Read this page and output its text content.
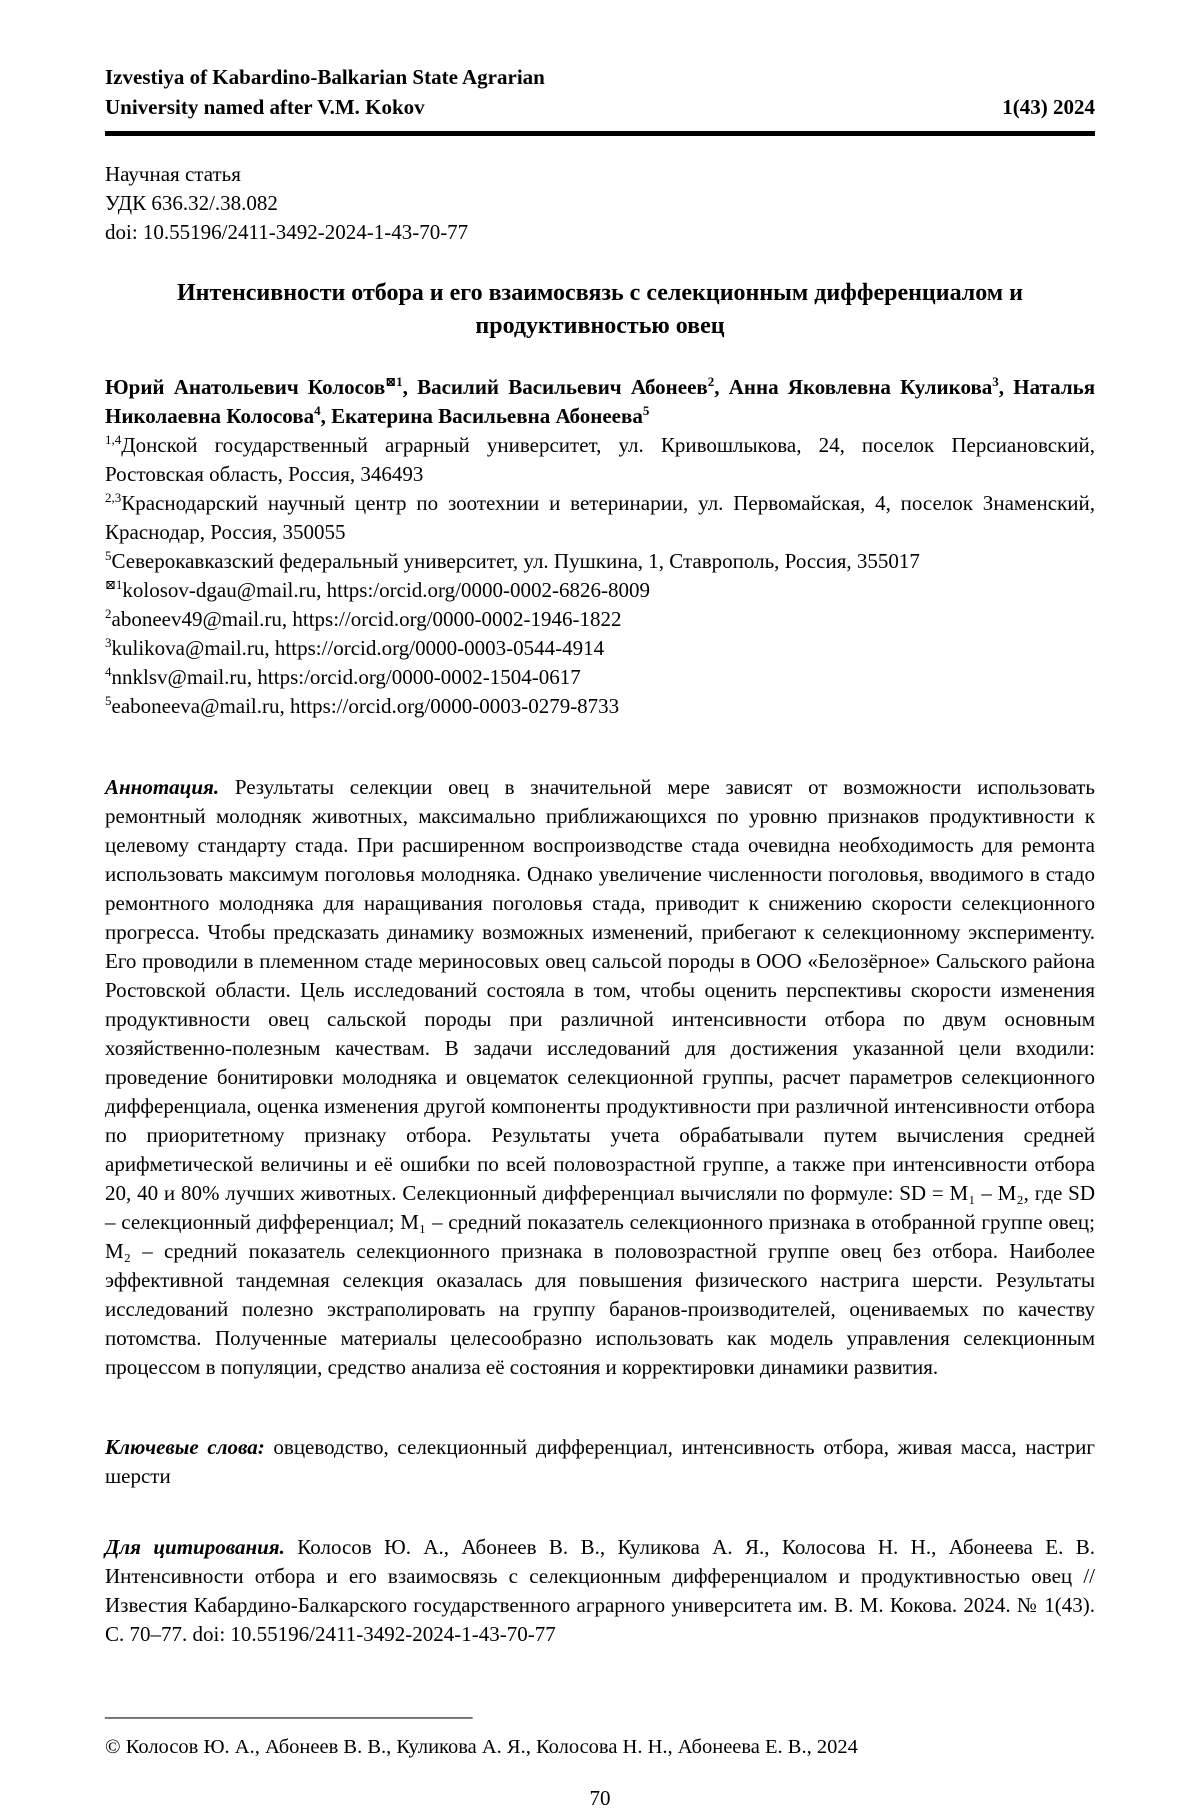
Izvestiya of Kabardino-Balkarian State Agrarian
University named after V.M. Kokov	1(43) 2024

Научная статья

УДК 636.32/.38.082

doi: 10.55196/2411-3492-2024-1-43-70-77

Интенсивности отбора и его взаимосвязь с селекционным дифференциалом и продуктивностью овец

Юрий Анатольевич Колосов$^{⊠1}$, Василий Васильевич Абонеев$^2$, Анна Яковлевна Куликова$^3$, Наталья Николаевна Колосова$^4$, Екатерина Васильевна Абонеева$^5$

$^{1,4}$Донской государственный аграрный университет, ул. Кривошлыкова, 24, поселок Персиановский, Ростовская область, Россия, 346493

$^{2,3}$Краснодарский научный центр по зоотехнии и ветеринарии, ул. Первомайская, 4, поселок Знаменский, Краснодар, Россия, 350055

$^5$Северокавказский федеральный университет, ул. Пушкина, 1, Ставрополь, Россия, 355017

$^{⊠1}$kolosov-dgau@mail.ru, https:/orcid.org/0000-0002-6826-8009

$^2$aboneev49@mail.ru, https://orcid.org/0000-0002-1946-1822

$^3$kulikova@mail.ru, https://orcid.org/0000-0003-0544-4914

$^4$nnklsv@mail.ru, https:/orcid.org/0000-0002-1504-0617

$^5$eaboneeva@mail.ru, https://orcid.org/0000-0003-0279-8733

Аннотация. Результаты селекции овец в значительной мере зависят от возможности использовать ремонтный молодняк животных, максимально приближающихся по уровню признаков продуктивности к целевому стандарту стада. При расширенном воспроизводстве стада очевидна необходимость для ремонта использовать максимум поголовья молодняка. Однако увеличение численности поголовья, вводимого в стадо ремонтного молодняка для наращивания поголовья стада, приводит к снижению скорости селекционного прогресса. Чтобы предсказать динамику возможных изменений, прибегают к селекционному эксперименту. Его проводили в племенном стаде мериносовых овец сальсой породы в ООО «Белозёрное» Сальского района Ростовской области. Цель исследований состояла в том, чтобы оценить перспективы скорости изменения продуктивности овец сальской породы при различной интенсивности отбора по двум основным хозяйственно-полезным качествам. В задачи исследований для достижения указанной цели входили: проведение бонитировки молодняка и овцематок селекционной группы, расчет параметров селекционного дифференциала, оценка изменения другой компоненты продуктивности при различной интенсивности отбора по приоритетному признаку отбора. Результаты учета обрабатывали путем вычисления средней арифметической величины и её ошибки по всей половозрастной группе, а также при интенсивности отбора 20, 40 и 80% лучших животных. Селекционный дифференциал вычисляли по формуле: SD = M₁ – M₂, где SD – селекционный дифференциал; M₁ – средний показатель селекционного признака в отобранной группе овец; M₂ – средний показатель селекционного признака в половозрастной группе овец без отбора. Наиболее эффективной тандемная селекция оказалась для повышения физического настрига шерсти. Результаты исследований полезно экстраполировать на группу баранов-производителей, оцениваемых по качеству потомства. Полученные материалы целесообразно использовать как модель управления селекционным процессом в популяции, средство анализа её состояния и корректировки динамики развития.

Ключевые слова: овцеводство, селекционный дифференциал, интенсивность отбора, живая масса, настриг шерсти

Для цитирования. Колосов Ю. А., Абонеев В. В., Куликова А. Я., Колосова Н. Н., Абонеева Е. В. Интенсивности отбора и его взаимосвязь с селекционным дифференциалом и продуктивностью овец // Известия Кабардино-Балкарского государственного аграрного университета им. В. М. Кокова. 2024. № 1(43). С. 70–77. doi: 10.55196/2411-3492-2024-1-43-70-77

___________________________________

© Колосов Ю. А., Абонеев В. В., Куликова А. Я., Колосова Н. Н., Абонеева Е. В., 2024

70
